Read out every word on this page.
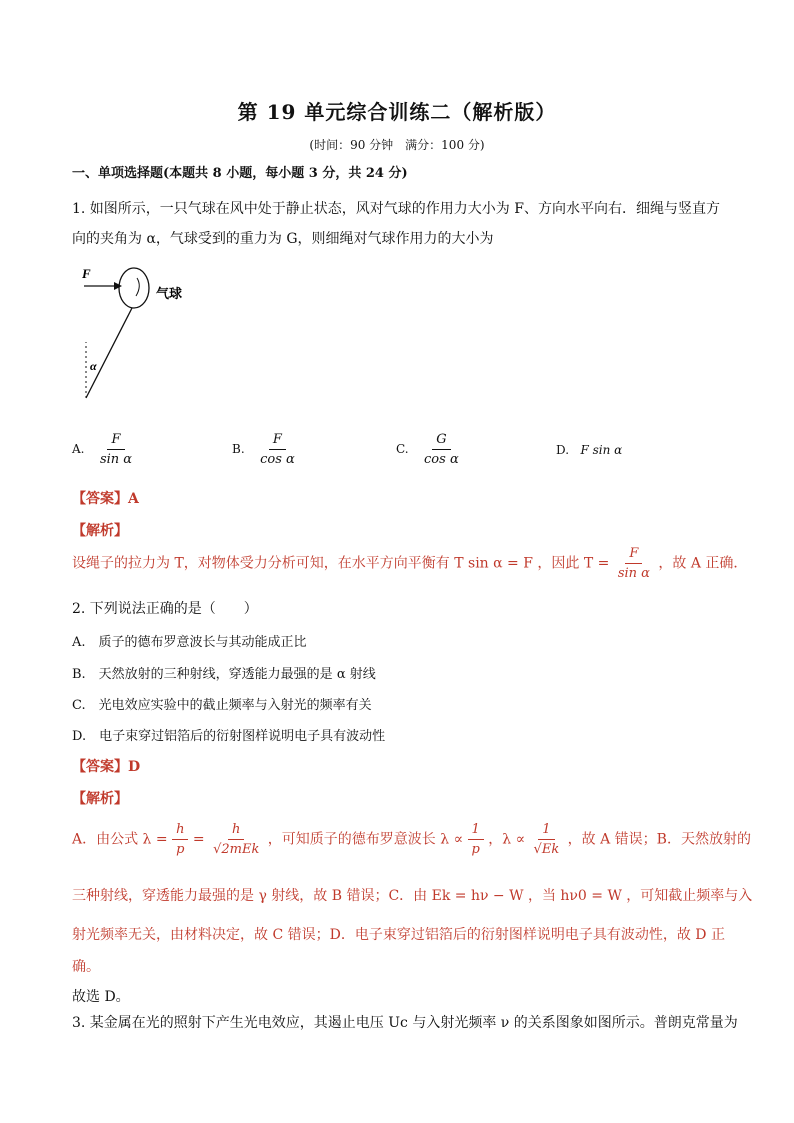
第 19 单元综合训练二（解析版）
(时间：90 分钟　满分：100 分)
一、单项选择题(本题共 8 小题，每小题 3 分，共 24 分)
1. 如图所示，一只气球在风中处于静止状态，风对气球的作用力大小为 F、方向水平向右．细绳与竖直方
向的夹角为 α，气球受到的重力为 G，则细绳对气球作用力的大小为
F
气球
α
A. $\frac{F}{\text{sin α}}$	B. $\frac{F}{\text{cos α}}$	C. $\frac{G}{\text{cos α}}$	D. F sin α
【答案】A
【解析】
设绳子的拉力为 T，对物体受力分析可知，在水平方向平衡有 T sin α = F ，因此 $T = \frac{F}{\text{sin α}}$ ，故 A 正确．
2. 下列说法正确的是（　　）
A.　质子的德布罗意波长与其动能成正比
B.　天然放射的三种射线，穿透能力最强的是 α 射线
C.　光电效应实验中的截止频率与入射光的频率有关
D.　电子束穿过铝箔后的衍射图样说明电子具有波动性
【答案】D
【解析】
A．由公式 $\lambda = \frac{h}{p} = \frac{h}{\text{√2mEk}}$ ，可知质子的德布罗意波长 $\lambda \propto \frac{1}{p}$ ，$\lambda \propto \frac{1}{√Ek}$ ，故 A 错误；B．天然放射的
三种射线，穿透能力最强的是 γ 射线，故 B 错误；C．由 Ek = hν − W ，当 hν0 = W ，可知截止频率与入
射光频率无关，由材料决定，故 C 错误；D．电子束穿过铝箔后的衍射图样说明电子具有波动性，故 D 正
确。
故选 D。
3. 某金属在光的照射下产生光电效应，其遏止电压 Uc 与入射光频率 ν 的关系图象如图所示。普朗克常量为
